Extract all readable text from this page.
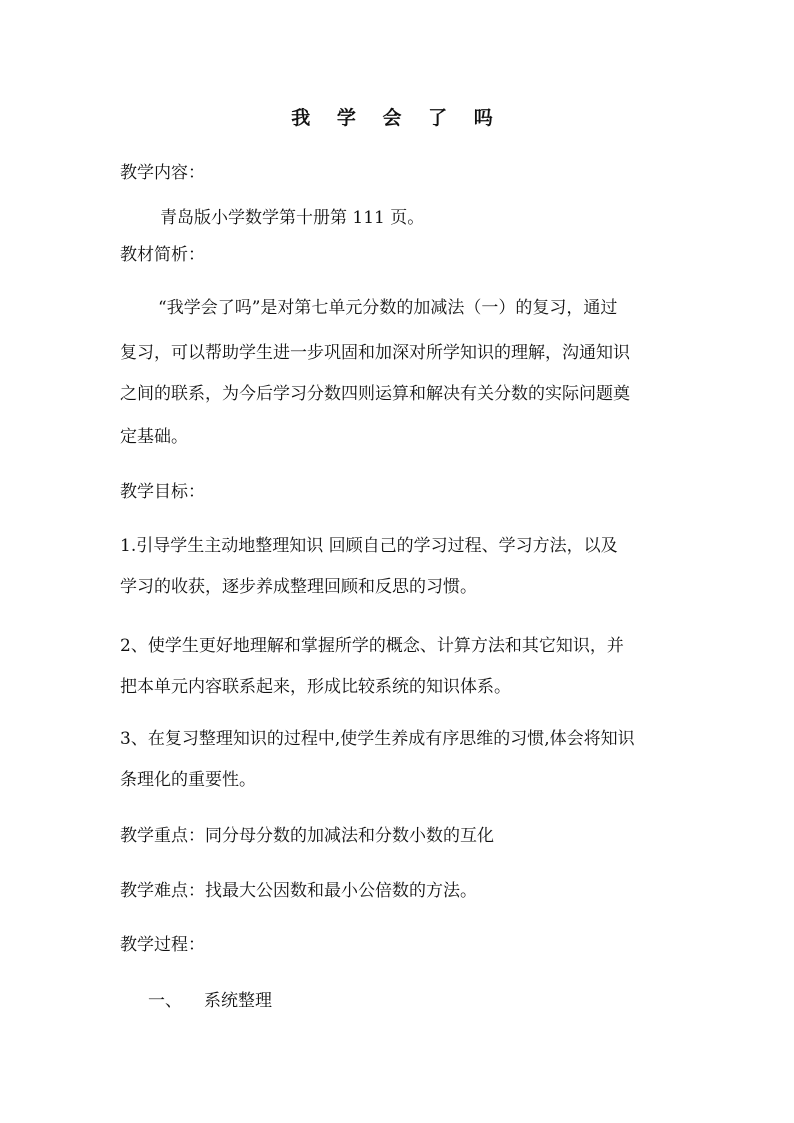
我 学 会 了 吗
教学内容：
青岛版小学数学第十册第 111 页。
教材简析：
“我学会了吗”是对第七单元分数的加减法（一）的复习，通过
复习，可以帮助学生进一步巩固和加深对所学知识的理解，沟通知识
之间的联系，为今后学习分数四则运算和解决有关分数的实际问题奠
定基础。
教学目标：
1.引导学生主动地整理知识 回顾自己的学习过程、学习方法，以及
学习的收获，逐步养成整理回顾和反思的习惯。
2、使学生更好地理解和掌握所学的概念、计算方法和其它知识，并
把本单元内容联系起来，形成比较系统的知识体系。
3、在复习整理知识的过程中,使学生养成有序思维的习惯,体会将知识
条理化的重要性。
教学重点：同分母分数的加减法和分数小数的互化
教学难点：找最大公因数和最小公倍数的方法。
教学过程：
一、 系统整理
